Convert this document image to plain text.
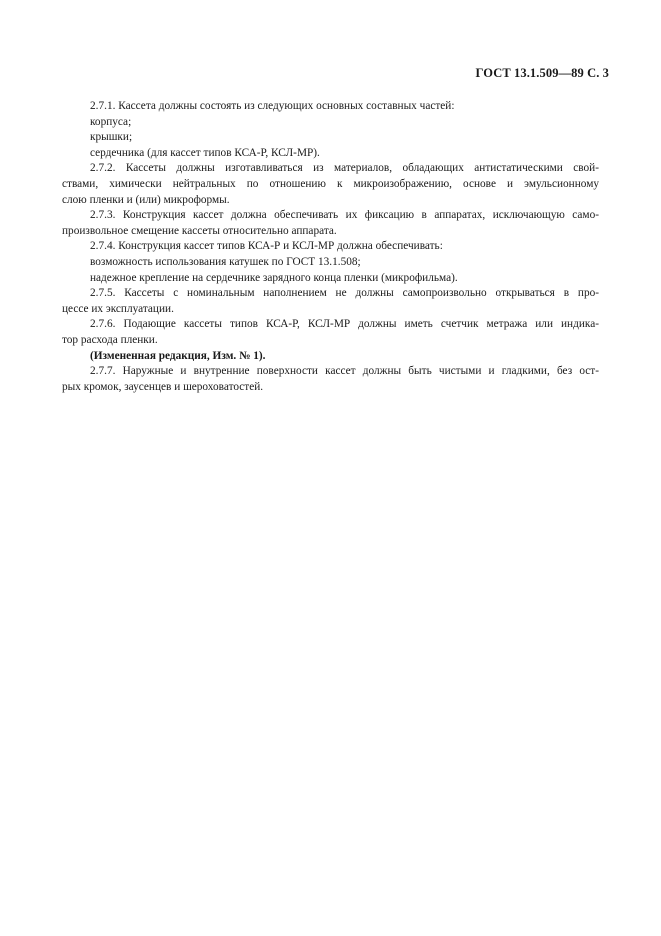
ГОСТ 13.1.509—89 С. 3
2.7.1. Кассета должны состоять из следующих основных составных частей:
корпуса;
крышки;
сердечника (для кассет типов КСА-Р, КСЛ-МР).
2.7.2. Кассеты должны изготавливаться из материалов, обладающих антистатическими свой-
ствами, химически нейтральных по отношению к микроизображению, основе и эмульсионному
слою пленки и (или) микроформы.
2.7.3. Конструкция кассет должна обеспечивать их фиксацию в аппаратах, исключающую само-
произвольное смещение кассеты относительно аппарата.
2.7.4. Конструкция кассет типов КСА-Р и КСЛ-МР должна обеспечивать:
возможность использования катушек по ГОСТ 13.1.508;
надежное крепление на сердечнике зарядного конца пленки (микрофильма).
2.7.5. Кассеты с номинальным наполнением не должны самопроизвольно открываться в про-
цессе их эксплуатации.
2.7.6. Подающие кассеты типов КСА-Р, КСЛ-МР должны иметь счетчик метража или индика-
тор расхода пленки.
(Измененная редакция, Изм. № 1).
2.7.7. Наружные и внутренние поверхности кассет должны быть чистыми и гладкими, без ост-
рых кромок, заусенцев и шероховатостей.
